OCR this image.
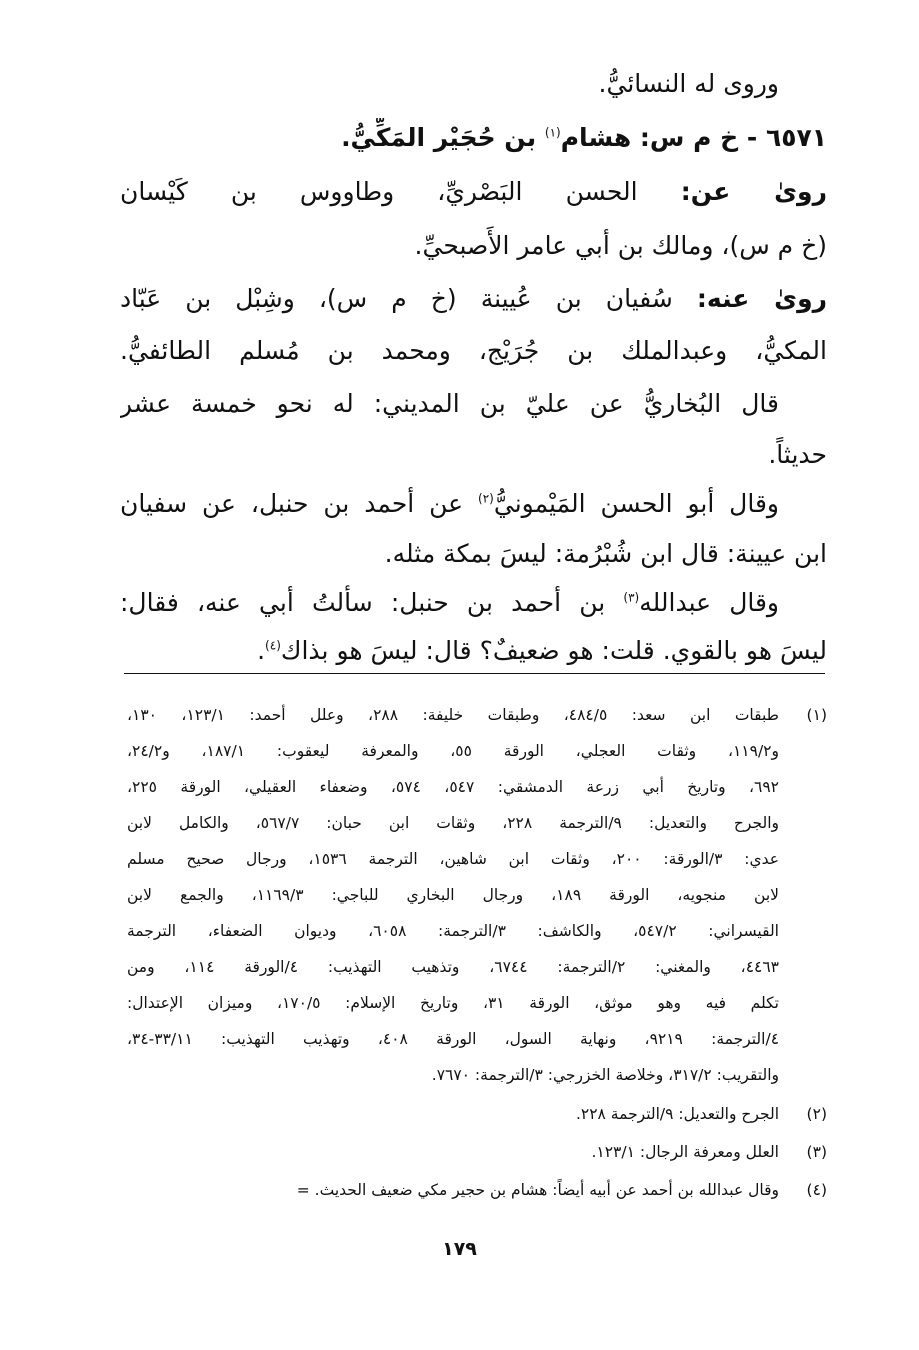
وروى له النسائيُّ.
٦٥٧١ - خ م س: هشام$^{(١)}$ بن حُجَيْر المَكِّيُّ.
روىٰ عن: الحسن البَصْريِّ، وطاووس بن كَيْسان
(خ م س)، ومالك بن أبي عامر الأَصبحيِّ.
روىٰ عنه: سُفيان بن عُيينة (خ م س)، وشِبْل بن عَبّاد
المكيُّ، وعبدالملك بن جُرَيْج، ومحمد بن مُسلم الطائفيُّ.
قال البُخاريُّ عن عليّ بن المديني: له نحو خمسة عشر
حديثاً.
وقال أبو الحسن المَيْمونيُّ$^{(٢)}$ عن أحمد بن حنبل، عن سفيان
ابن عيينة: قال ابن شُبْرُمة: ليسَ بمكة مثله.
وقال عبدالله$^{(٣)}$ بن أحمد بن حنبل: سألتُ أبي عنه، فقال:
ليسَ هو بالقوي. قلت: هو ضعيفٌ؟ قال: ليسَ هو بذاك$^{(٤)}$.
(١)
طبقات ابن سعد: ٤٨٤/٥، وطبقات خليفة: ٢٨٨، وعلل أحمد: ١٢٣/١، ١٣٠،
و١١٩/٢، وثقات العجلي، الورقة ٥٥، والمعرفة ليعقوب: ١٨٧/١، و٢٤/٢،
٦٩٢، وتاريخ أبي زرعة الدمشقي: ٥٤٧، ٥٧٤، وضعفاء العقيلي، الورقة ٢٢٥،
والجرح والتعديل: ٩/الترجمة ٢٢٨، وثقات ابن حبان: ٥٦٧/٧، والكامل لابن
عدي: ٣/الورقة: ٢٠٠، وثقات ابن شاهين، الترجمة ١٥٣٦، ورجال صحيح مسلم
لابن منجويه، الورقة ١٨٩، ورجال البخاري للباجي: ١١٦٩/٣، والجمع لابن
القيسراني: ٥٤٧/٢، والكاشف: ٣/الترجمة: ٦٠٥٨، وديوان الضعفاء، الترجمة
٤٤٦٣، والمغني: ٢/الترجمة: ٦٧٤٤، وتذهيب التهذيب: ٤/الورقة ١١٤، ومن
تكلم فيه وهو موثق، الورقة ٣١، وتاريخ الإسلام: ١٧٠/٥، وميزان الإعتدال:
٤/الترجمة: ٩٢١٩، ونهاية السول، الورقة ٤٠٨، وتهذيب التهذيب: ٣٣/١١-٣٤،
والتقريب: ٣١٧/٢، وخلاصة الخزرجي: ٣/الترجمة: ٧٦٧٠.
(٢)
الجرح والتعديل: ٩/الترجمة ٢٢٨.
(٣)
العلل ومعرفة الرجال: ١٢٣/١.
(٤)
وقال عبدالله بن أحمد عن أبيه أيضاً: هشام بن حجير مكي ضعيف الحديث. =
١٧٩
